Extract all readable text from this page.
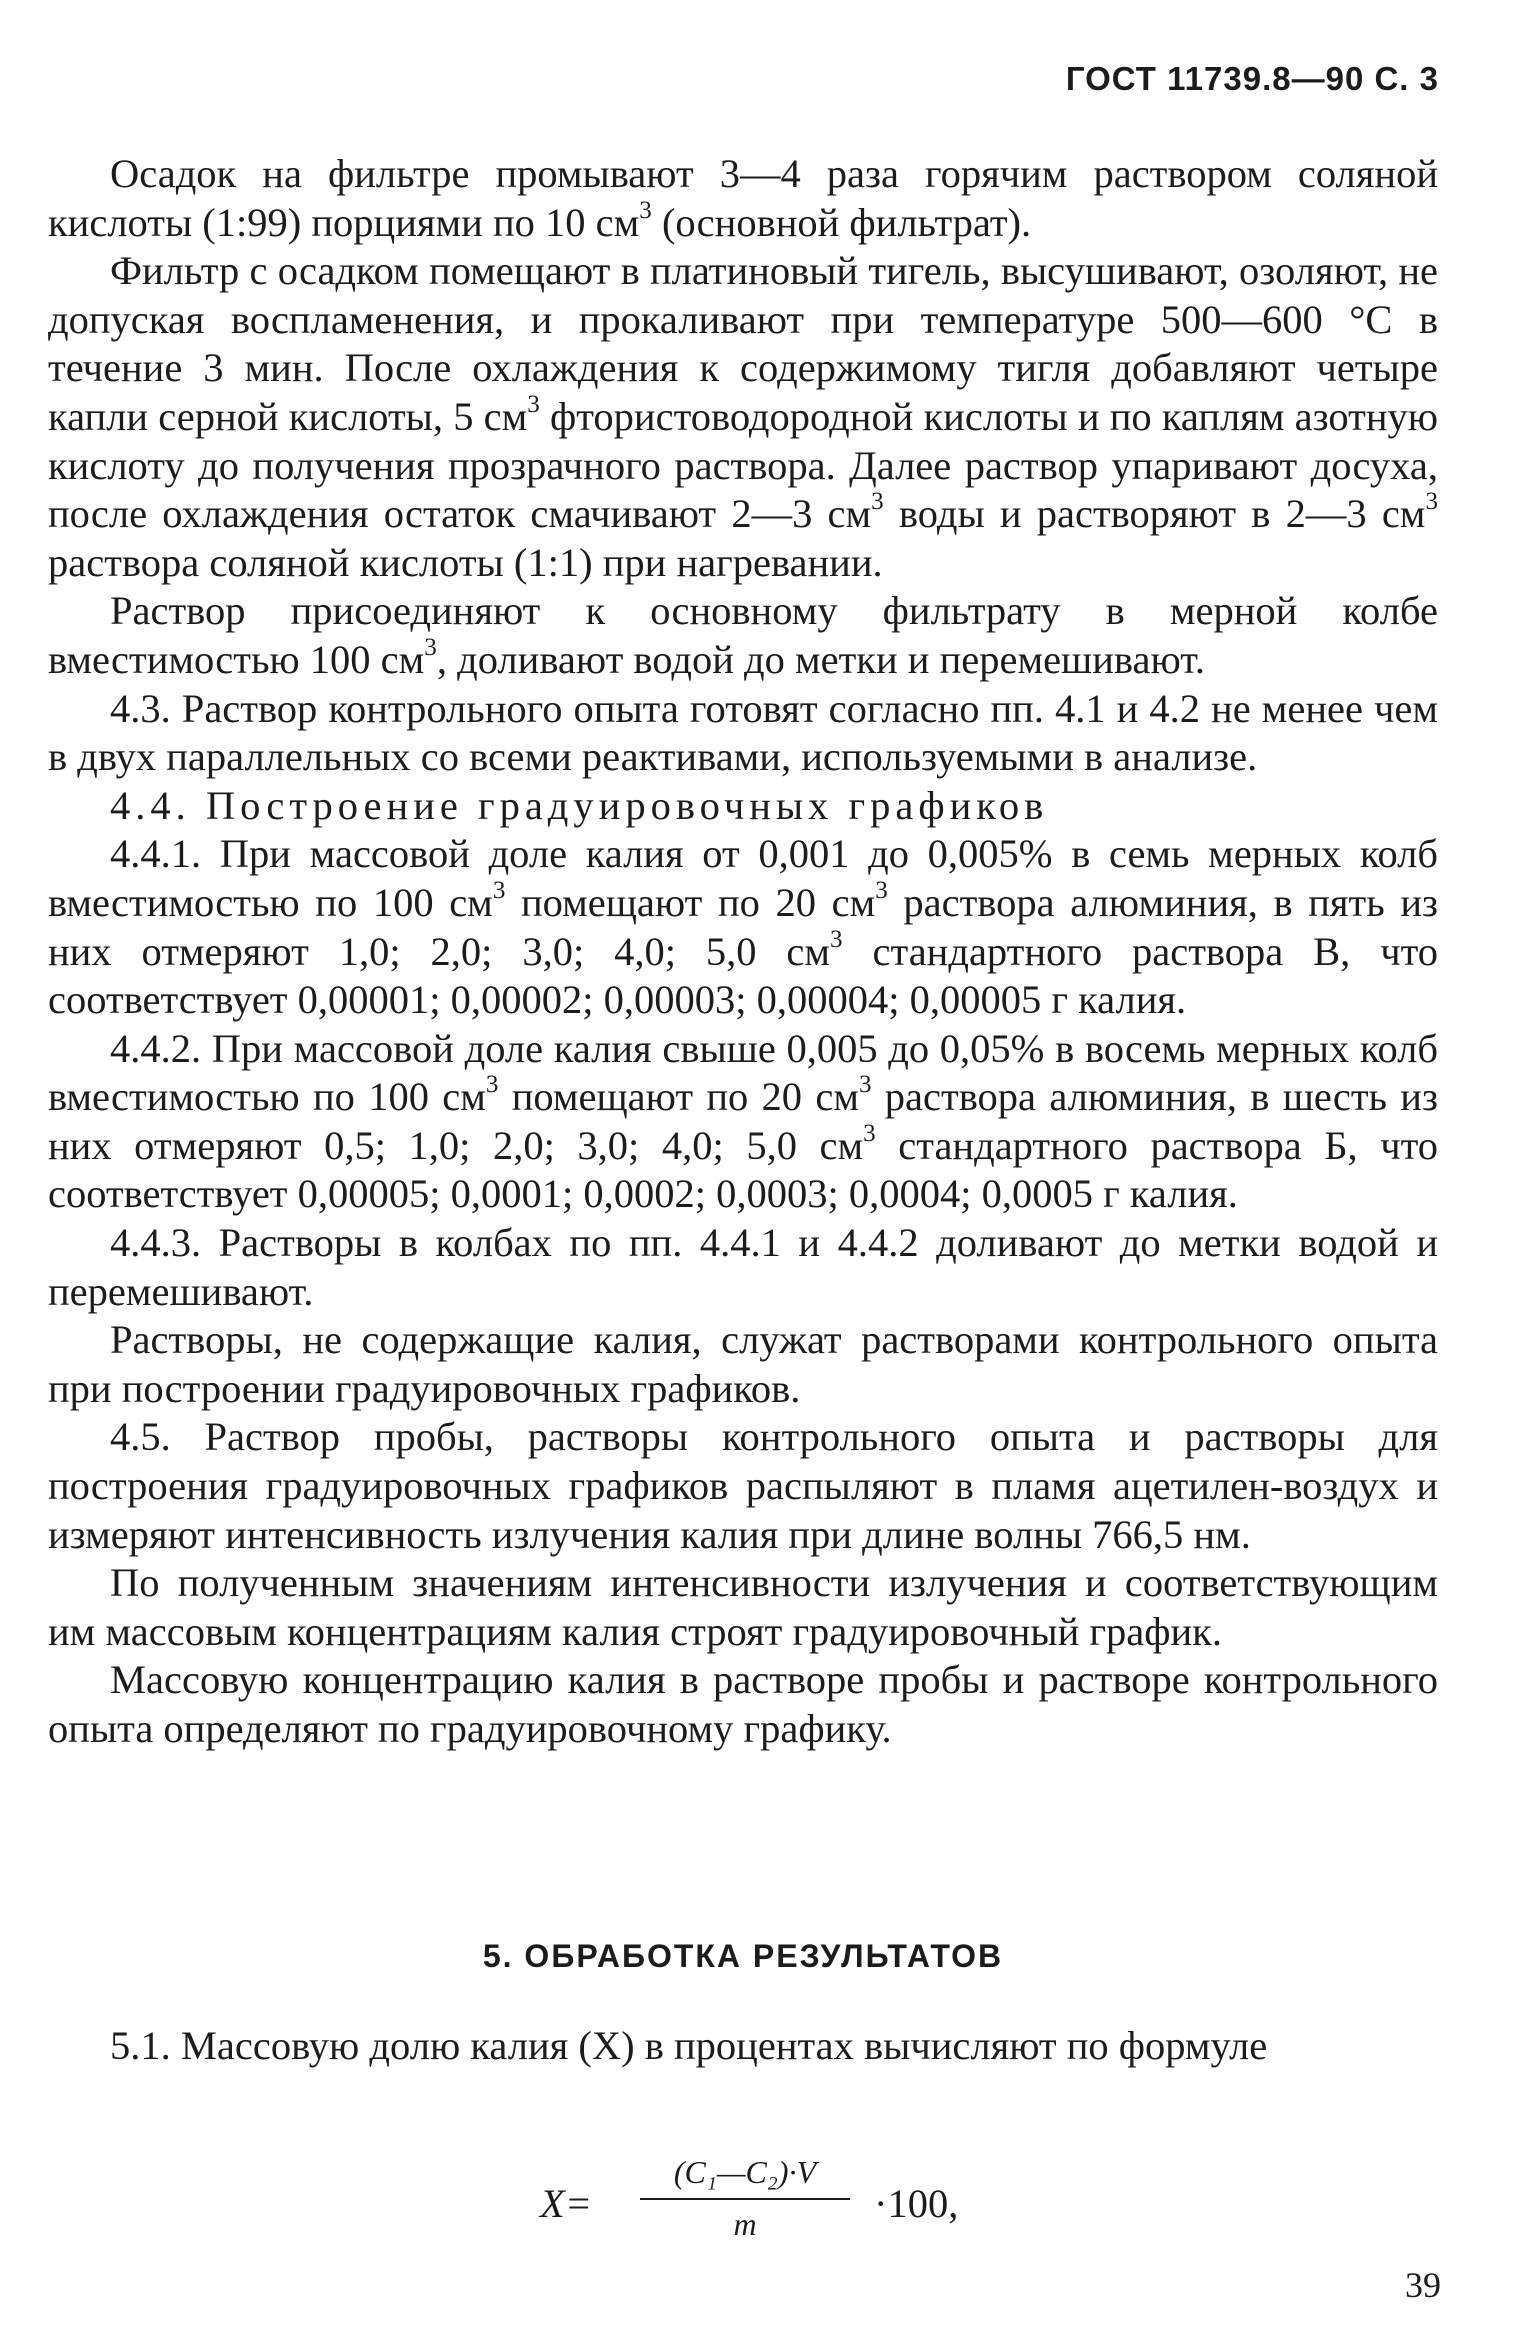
ГОСТ 11739.8—90 С. 3

Осадок на фильтре промывают 3—4 раза горячим раствором соляной кислоты (1:99) порциями по 10 $см^3$ (основной фильтрат).

Фильтр с осадком помещают в платиновый тигель, высушивают, озоляют, не допуская воспламенения, и прокаливают при температуре 500—600 °С в течение 3 мин. После охлаждения к содержимому тигля добавляют четыре капли серной кислоты, 5 $см^3$ фтористоводородной кислоты и по каплям азотную кислоту до получения прозрачного раствора. Далее раствор упаривают досуха, после охлаждения остаток смачивают 2—3 $см^3$ воды и растворяют в 2—3 $см^3$ раствора соляной кислоты (1:1) при нагревании.

Раствор присоединяют к основному фильтрату в мерной колбе вместимостью 100 $см^3$, доливают водой до метки и перемешивают.

4.3. Раствор контрольного опыта готовят согласно пп. 4.1 и 4.2 не менее чем в двух параллельных со всеми реактивами, используемыми в анализе.

4.4. Построение градуировочных графиков

4.4.1. При массовой доле калия от 0,001 до 0,005% в семь мерных колб вместимостью по 100 $см^3$ помещают по 20 $см^3$ раствора алюминия, в пять из них отмеряют 1,0; 2,0; 3,0; 4,0; 5,0 $см^3$ стандартного раствора В, что соответствует 0,00001; 0,00002; 0,00003; 0,00004; 0,00005 г калия.

4.4.2. При массовой доле калия свыше 0,005 до 0,05% в восемь мерных колб вместимостью по 100 $см^3$ помещают по 20 $см^3$ раствора алюминия, в шесть из них отмеряют 0,5; 1,0; 2,0; 3,0; 4,0; 5,0 $см^3$ стандартного раствора Б, что соответствует 0,00005; 0,0001; 0,0002; 0,0003; 0,0004; 0,0005 г калия.

4.4.3. Растворы в колбах по пп. 4.4.1 и 4.4.2 доливают до метки водой и перемешивают.

Растворы, не содержащие калия, служат растворами контрольного опыта при построении градуировочных графиков.

4.5. Раствор пробы, растворы контрольного опыта и растворы для построения градуировочных графиков распыляют в пламя ацетилен-воздух и измеряют интенсивность излучения калия при длине волны 766,5 нм.

По полученным значениям интенсивности излучения и соответствующим им массовым концентрациям калия строят градуировочный график.

Массовую концентрацию калия в растворе пробы и растворе контрольного опыта определяют по градуировочному графику.

5. ОБРАБОТКА РЕЗУЛЬТАТОВ

5.1. Массовую долю калия (X) в процентах вычисляют по формуле

X=
(C₁—C₂)·V
m	·100,
39
